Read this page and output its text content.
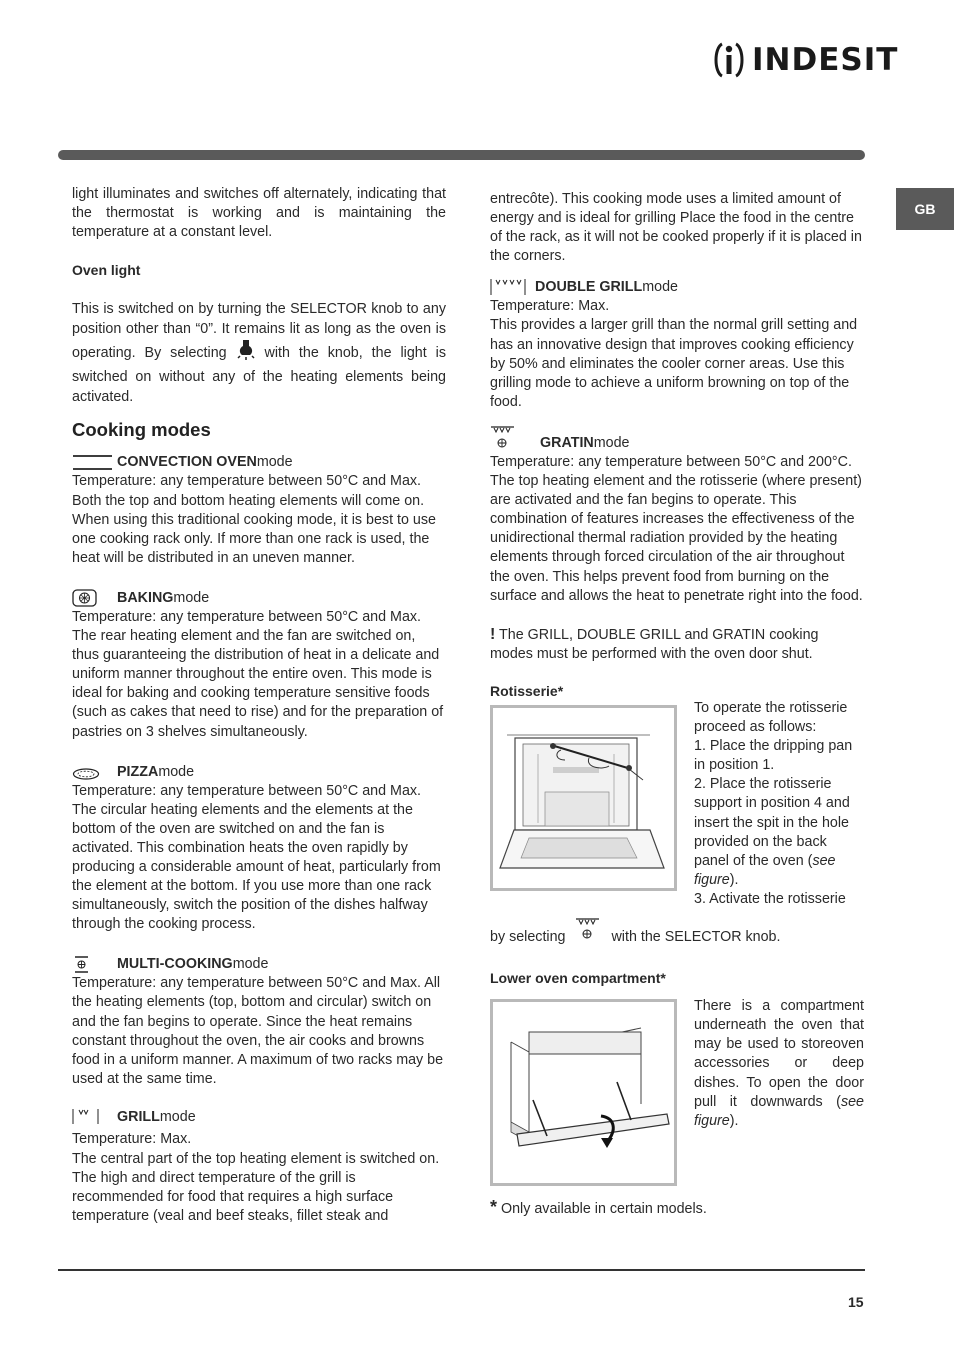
INDESIT
GB

light illuminates and switches off alternately, indicating that the thermostat is working and is maintaining the temperature at a constant level.

Oven light

This is switched on by turning the SELECTOR knob to any position other than “0”. It remains lit as long as the oven is operating. By selecting	with the knob, the light is switched on without any of the heating elements being activated.

Cooking modes
CONVECTION OVEN mode

Temperature: any temperature between 50°C and Max. Both the top and bottom heating elements will come on. When using this traditional cooking mode, it is best to use one cooking rack only. If more than one rack is used, the heat will be distributed in an uneven manner.

BAKING mode

Temperature: any temperature between 50°C and Max. The rear heating element and the fan are switched on, thus guaranteeing the distribution of heat in a delicate and uniform manner throughout the entire oven. This mode is ideal for baking and cooking temperature sensitive foods (such as cakes that need to rise) and for the preparation of pastries on 3 shelves simultaneously.

PIZZA mode

Temperature: any temperature between 50°C and Max. The circular heating elements and the elements at the bottom of the oven are switched on and the fan is activated. This combination heats the oven rapidly by producing a considerable amount of heat, particularly from the element at the bottom. If you use more than one rack simultaneously, switch the position of the dishes halfway through the cooking process.

MULTI-COOKING mode

Temperature: any temperature between 50°C and Max. All the heating elements (top, bottom and circular) switch on and the fan begins to operate. Since the heat remains constant throughout the oven, the air cooks and browns food in a uniform manner. A maximum of two racks may be used at the same time.

GRILL mode

Temperature: Max.

The central part of the top heating element is switched on. The high and direct temperature of the grill is recommended for food that requires a high surface temperature (veal and beef steaks, fillet steak and

entrecôte). This cooking mode uses a limited amount of energy and is ideal for grilling Place the food in the centre of the rack, as it will not be cooked properly if it is placed in the corners.

DOUBLE GRILL mode

Temperature: Max.

This provides a larger grill than the normal grill setting and has an innovative design that improves cooking efficiency by 50% and eliminates the cooler corner areas. Use this grilling mode to achieve a uniform browning on top of the food.

GRATIN mode

Temperature: any temperature between 50°C and 200°C. The top heating element and the rotisserie (where present) are activated and the fan begins to operate. This combination of features increases the effectiveness of the unidirectional thermal radiation provided by the heating elements through forced circulation of the air throughout the oven. This helps prevent food from burning on the surface and allows the heat to penetrate right into the food.

! The GRILL, DOUBLE GRILL and GRATIN cooking modes must be performed with the oven door shut.

Rotisserie*

To operate the rotisserie proceed as follows:

1. Place the dripping pan in position 1.

2. Place the rotisserie support in position 4 and insert the spit in the hole provided on the back panel of the oven (see figure).

3. Activate the rotisserie

by selecting	with the SELECTOR knob.

Lower oven compartment*

There is a compartment underneath the oven that may be used to storeoven accessories or deep dishes. To open the door pull it downwards (see figure).

* Only available in certain models.

15
